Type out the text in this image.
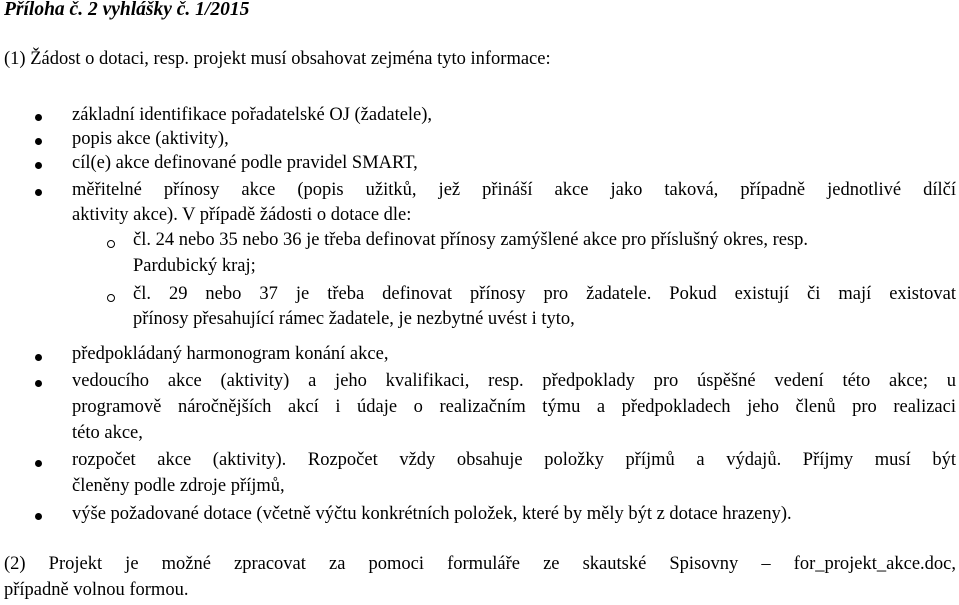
Příloha č. 2 vyhlášky č. 1/2015
(1) Žádost o dotaci, resp. projekt musí obsahovat zejména tyto informace:
základní identifikace pořadatelské OJ (žadatele),
popis akce (aktivity),
cíl(e) akce definované podle pravidel SMART,
měřitelné přínosy akce (popis užitků, jež přináší akce jako taková, případně jednotlivé dílčí
aktivity akce). V případě žádosti o dotace dle:
čl. 24 nebo 35 nebo 36 je třeba definovat přínosy zamýšlené akce pro příslušný okres, resp.
Pardubický kraj;
čl. 29 nebo 37 je třeba definovat přínosy pro žadatele. Pokud existují či mají existovat
přínosy přesahující rámec žadatele, je nezbytné uvést i tyto,
předpokládaný harmonogram konání akce,
vedoucího akce (aktivity) a jeho kvalifikaci, resp. předpoklady pro úspěšné vedení této akce; u
programově náročnějších akcí i údaje o realizačním týmu a předpokladech jeho členů pro realizaci
této akce,
rozpočet akce (aktivity). Rozpočet vždy obsahuje položky příjmů a výdajů. Příjmy musí být
členěny podle zdroje příjmů,
výše požadované dotace (včetně výčtu konkrétních položek, které by měly být z dotace hrazeny).
(2) Projekt je možné zpracovat za pomoci formuláře ze skautské Spisovny – for_projekt_akce.doc,
případně volnou formou.
